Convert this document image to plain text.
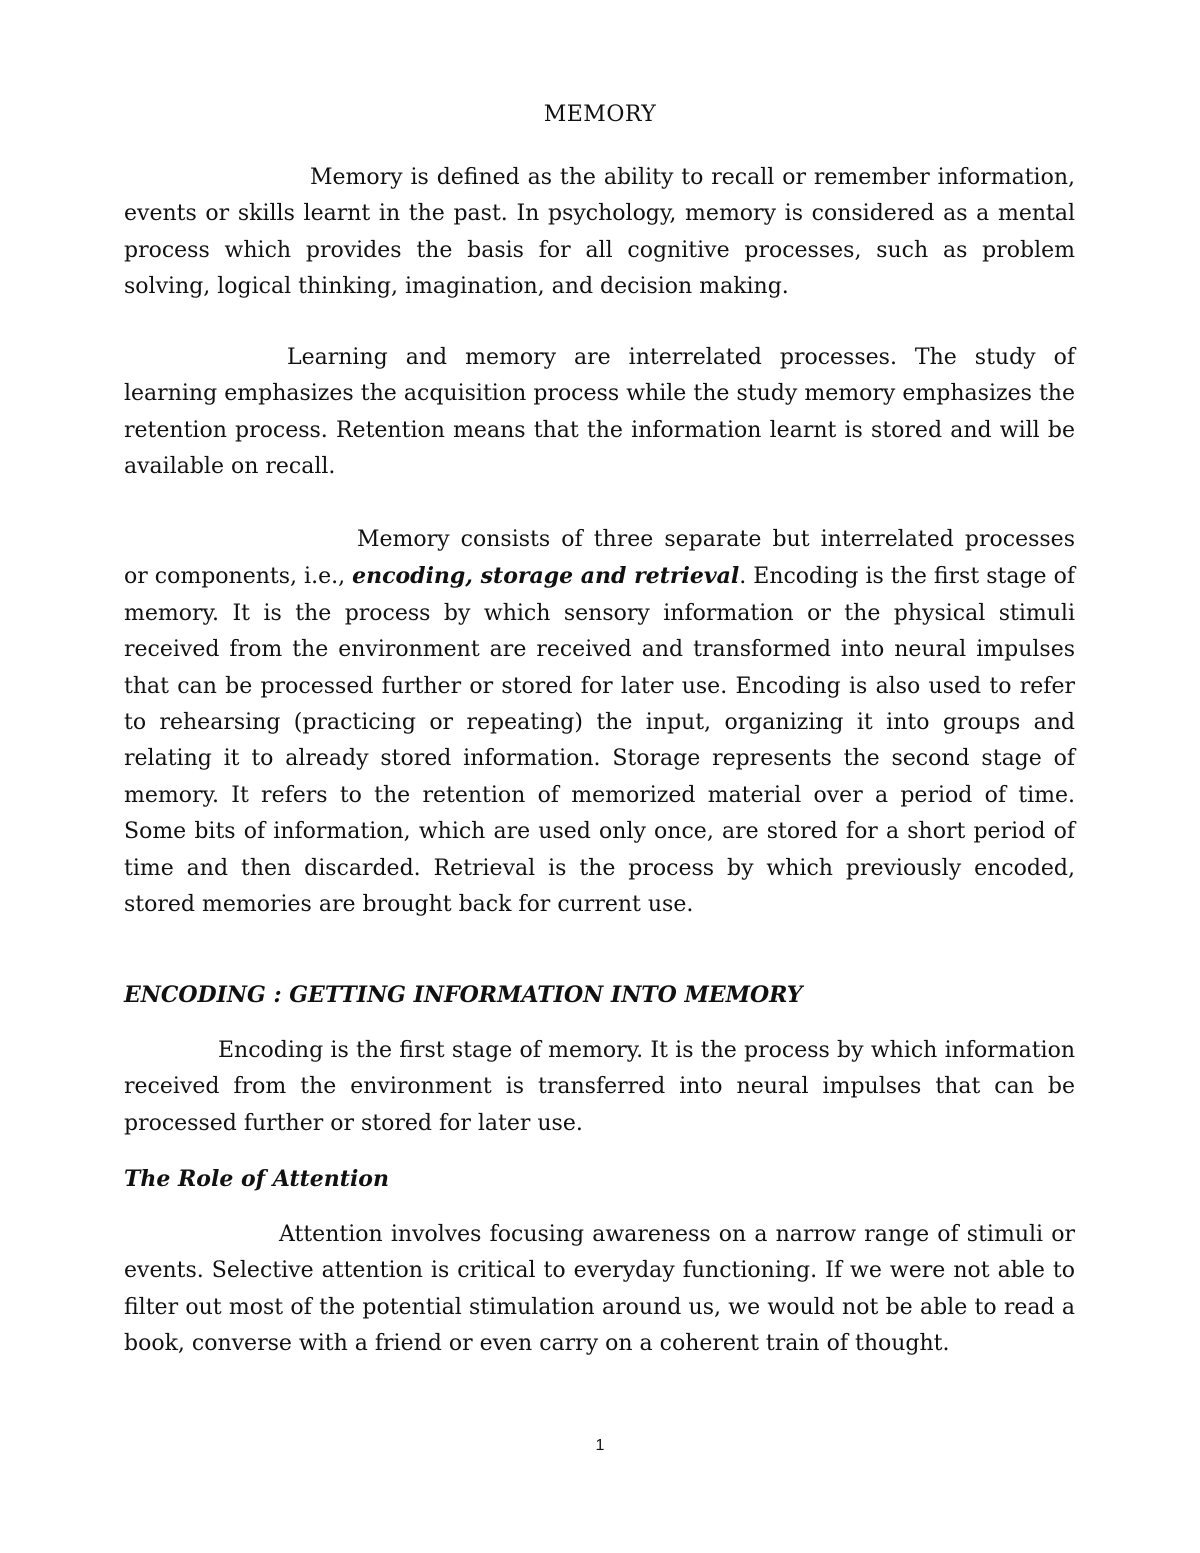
MEMORY

Memory is defined as the ability to recall or remember information, events or skills learnt in the past. In psychology, memory is considered as a mental process which provides the basis for all cognitive processes, such as problem solving, logical thinking, imagination, and decision making.

Learning and memory are interrelated processes. The study of learning emphasizes the acquisition process while the study memory emphasizes the retention process. Retention means that the information learnt is stored and will be available on recall.

Memory consists of three separate but interrelated processes or components, i.e., encoding, storage and retrieval. Encoding is the first stage of memory. It is the process by which sensory information or the physical stimuli received from the environment are received and transformed into neural impulses that can be processed further or stored for later use. Encoding is also used to refer to rehearsing (practicing or repeating) the input, organizing it into groups and relating it to already stored information. Storage represents the second stage of memory. It refers to the retention of memorized material over a period of time. Some bits of information, which are used only once, are stored for a short period of time and then discarded. Retrieval is the process by which previously encoded, stored memories are brought back for current use.

ENCODING : GETTING INFORMATION INTO MEMORY

Encoding is the first stage of memory. It is the process by which information received from the environment is transferred into neural impulses that can be processed further or stored for later use.

The Role of Attention

Attention involves focusing awareness on a narrow range of stimuli or events. Selective attention is critical to everyday functioning. If we were not able to filter out most of the potential stimulation around us, we would not be able to read a book, converse with a friend or even carry on a coherent train of thought.

1
